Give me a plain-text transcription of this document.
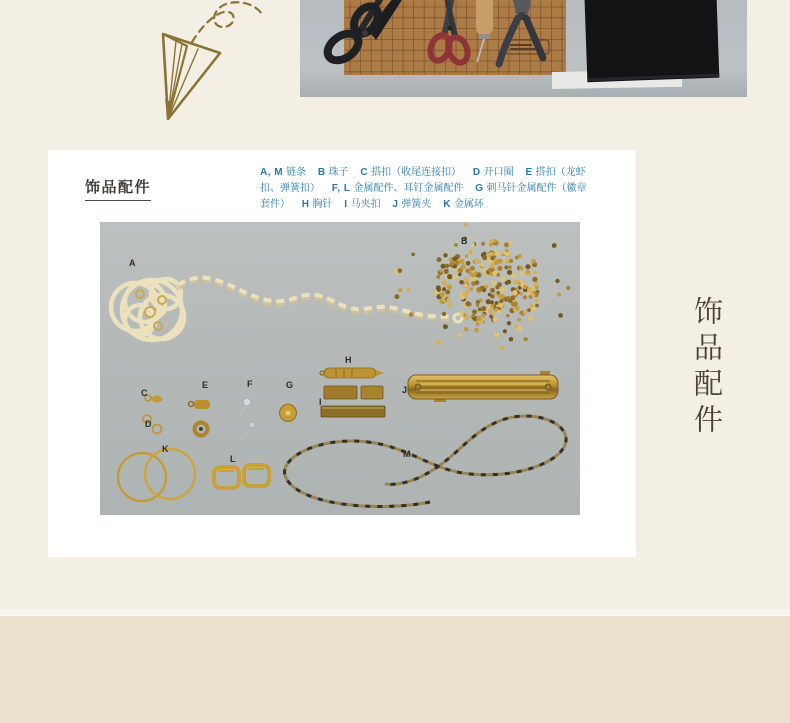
饰品配件
A, M 链条 B 珠子 C 搭扣（收尾连接扣） D 开口圈 E 搭扣（龙虾扣、弹簧扣） F, L 金属配件、耳钉金属配件 G 刺马针金属配件（徽章套件） H 胸针 I 马夹扣 J 弹簧夹 K 金属环
A
B
C
D
E	F	G
H
I
J
K
L	M
饰品配件
